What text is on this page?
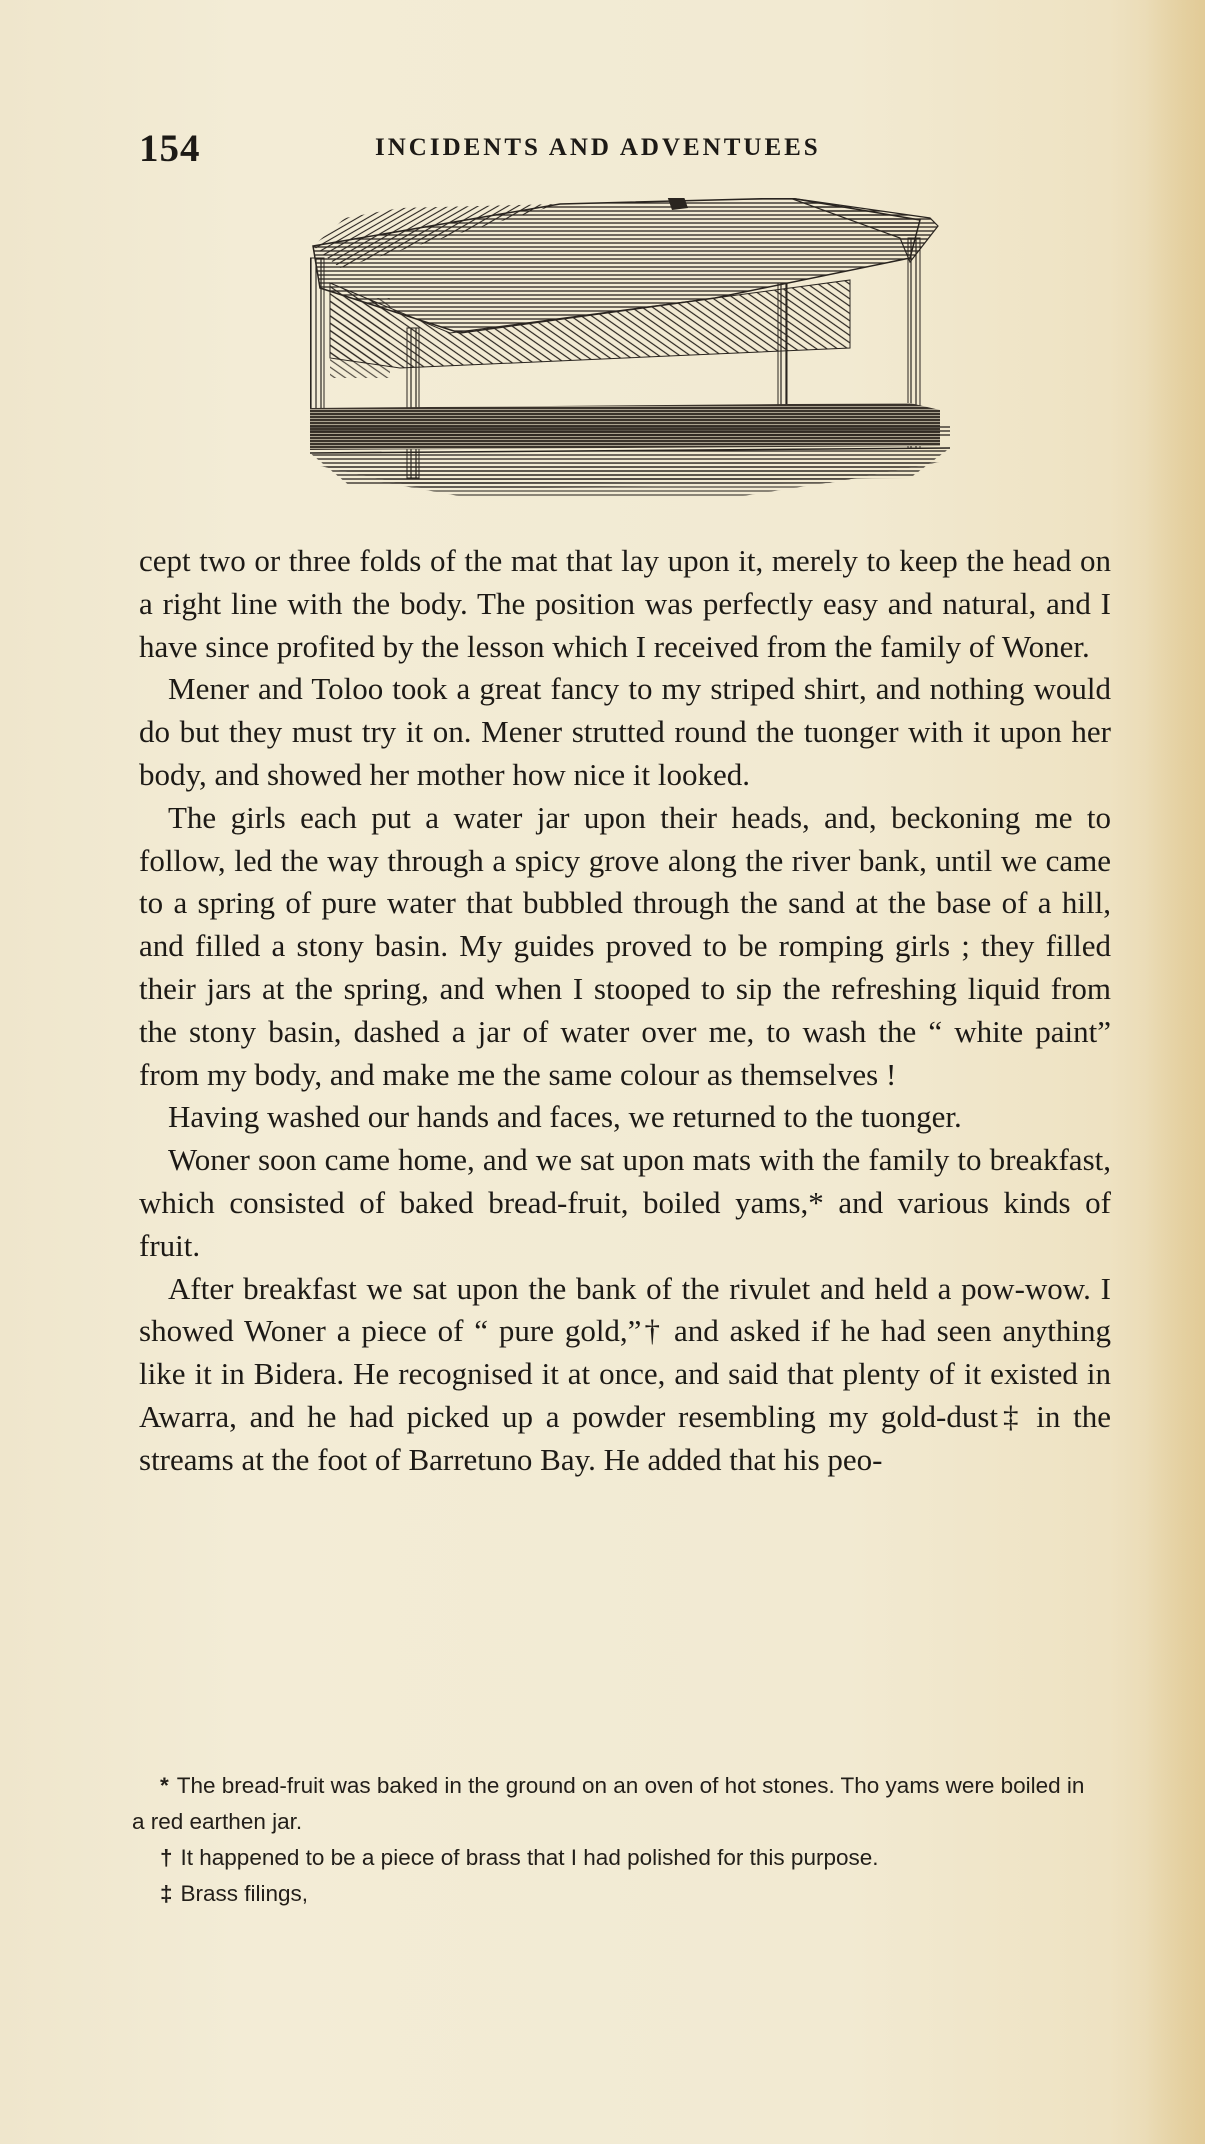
154	INCIDENTS AND ADVENTUEES

cept two or three folds of the mat that lay upon it, merely to keep the head on a right line with the body. The position was perfectly easy and natural, and I have since profited by the lesson which I received from the family of Woner.

Mener and Toloo took a great fancy to my striped shirt, and nothing would do but they must try it on. Mener strutted round the tuonger with it upon her body, and showed her mother how nice it looked.

The girls each put a water jar upon their heads, and, beckoning me to follow, led the way through a spicy grove along the river bank, until we came to a spring of pure water that bubbled through the sand at the base of a hill, and filled a stony basin. My guides proved to be romping girls ; they filled their jars at the spring, and when I stooped to sip the refreshing liquid from the stony basin, dashed a jar of water over me, to wash the “ white paint” from my body, and make me the same colour as themselves !

Having washed our hands and faces, we returned to the tuonger.

Woner soon came home, and we sat upon mats with the family to breakfast, which consisted of baked bread-fruit, boiled yams,* and various kinds of fruit.

After breakfast we sat upon the bank of the rivulet and held a pow-wow. I showed Woner a piece of “ pure gold,”† and asked if he had seen anything like it in Bidera. He recognised it at once, and said that plenty of it existed in Awarra, and he had picked up a powder resembling my gold-dust‡ in the streams at the foot of Barretuno Bay. He added that his peo-

* The bread-fruit was baked in the ground on an oven of hot stones. Tho yams were boiled in a red earthen jar.

† It happened to be a piece of brass that I had polished for this purpose.

‡ Brass filings,
